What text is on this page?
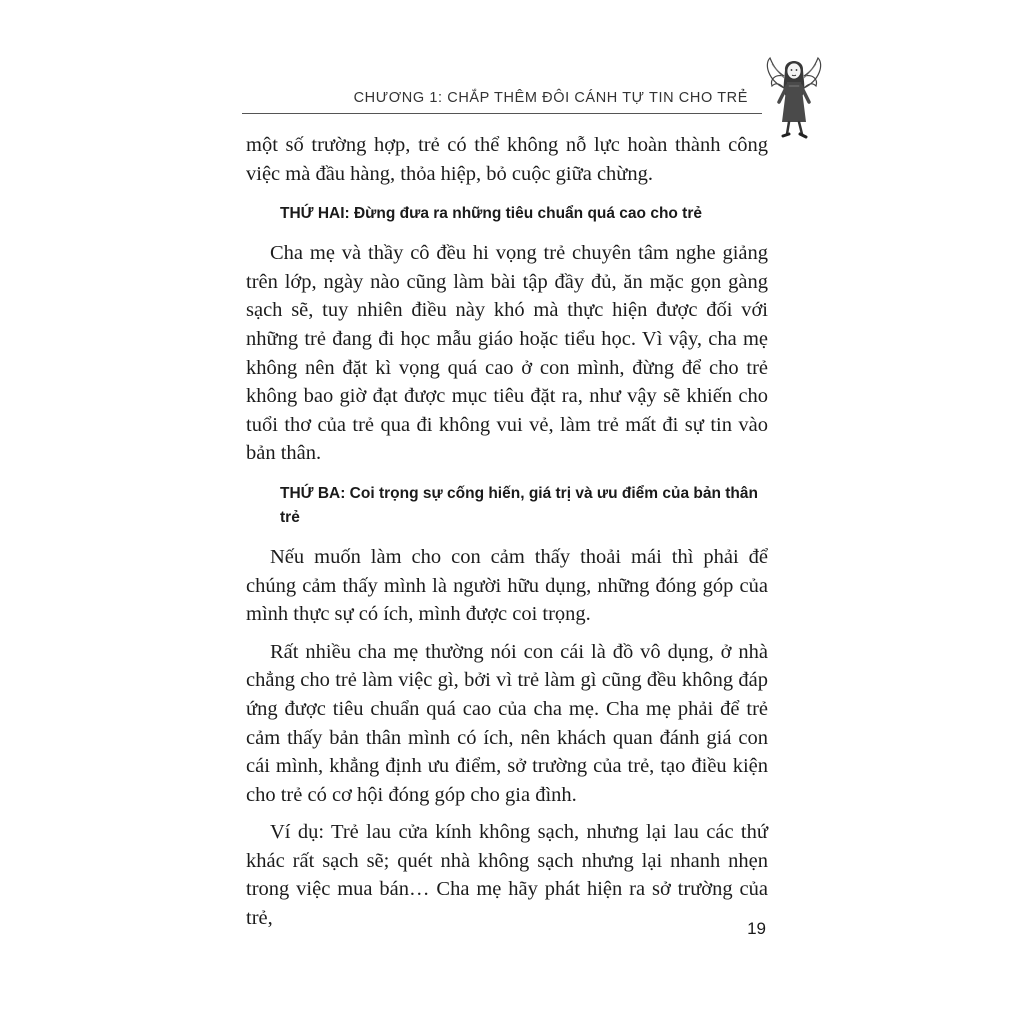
CHƯƠNG 1: CHẮP THÊM ĐÔI CÁNH TỰ TIN CHO TRẺ

một số trường hợp, trẻ có thể không nỗ lực hoàn thành công việc mà đầu hàng, thỏa hiệp, bỏ cuộc giữa chừng.

THỨ HAI: Đừng đưa ra những tiêu chuẩn quá cao cho trẻ

Cha mẹ và thầy cô đều hi vọng trẻ chuyên tâm nghe giảng trên lớp, ngày nào cũng làm bài tập đầy đủ, ăn mặc gọn gàng sạch sẽ, tuy nhiên điều này khó mà thực hiện được đối với những trẻ đang đi học mẫu giáo hoặc tiểu học. Vì vậy, cha mẹ không nên đặt kì vọng quá cao ở con mình, đừng để cho trẻ không bao giờ đạt được mục tiêu đặt ra, như vậy sẽ khiến cho tuổi thơ của trẻ qua đi không vui vẻ, làm trẻ mất đi sự tin vào bản thân.

THỨ BA: Coi trọng sự cống hiến, giá trị và ưu điểm của bản thân trẻ

Nếu muốn làm cho con cảm thấy thoải mái thì phải để chúng cảm thấy mình là người hữu dụng, những đóng góp của mình thực sự có ích, mình được coi trọng.

Rất nhiều cha mẹ thường nói con cái là đồ vô dụng, ở nhà chẳng cho trẻ làm việc gì, bởi vì trẻ làm gì cũng đều không đáp ứng được tiêu chuẩn quá cao của cha mẹ. Cha mẹ phải để trẻ cảm thấy bản thân mình có ích, nên khách quan đánh giá con cái mình, khẳng định ưu điểm, sở trường của trẻ, tạo điều kiện cho trẻ có cơ hội đóng góp cho gia đình.

Ví dụ: Trẻ lau cửa kính không sạch, nhưng lại lau các thứ khác rất sạch sẽ; quét nhà không sạch nhưng lại nhanh nhẹn trong việc mua bán… Cha mẹ hãy phát hiện ra sở trường của trẻ,	19
